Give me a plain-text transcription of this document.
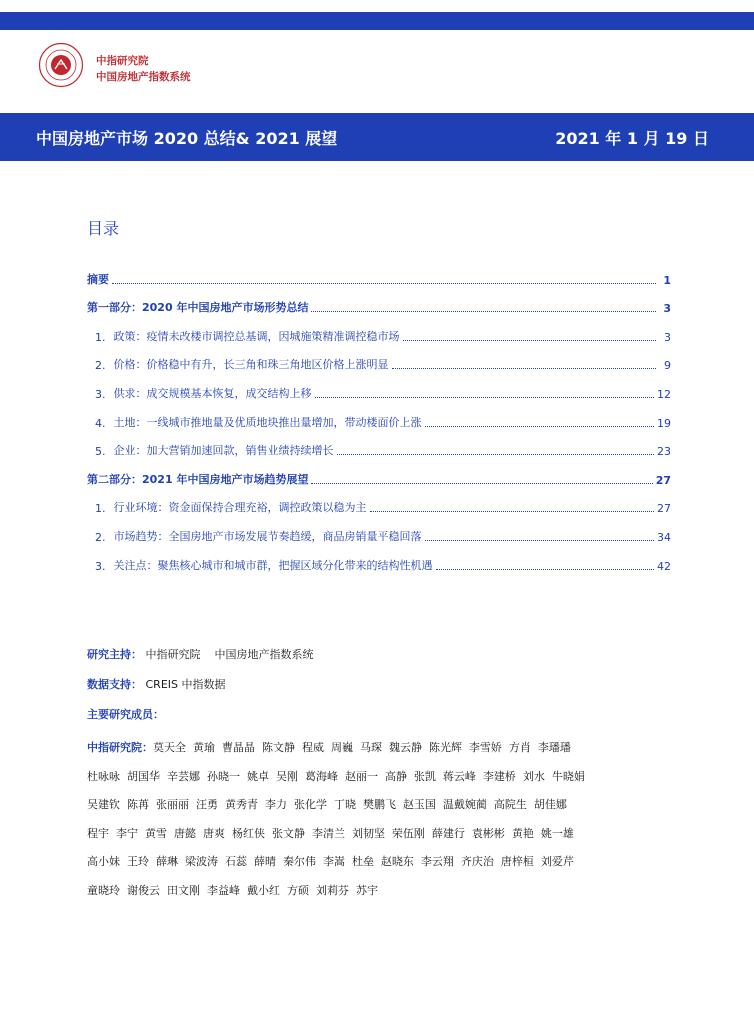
中指研究院
中国房地产指数系统
中国房地产市场 2020 总结& 2021 展望	2021 年 1 月 19 日
目录
摘要	1
第一部分：2020 年中国房地产市场形势总结	3
1. 政策：疫情未改楼市调控总基调，因城施策精准调控稳市场	3
2. 价格：价格稳中有升，长三角和珠三角地区价格上涨明显	9
3. 供求：成交规模基本恢复，成交结构上移	12
4. 土地：一线城市推地量及优质地块推出量增加，带动楼面价上涨	19
5. 企业：加大营销加速回款，销售业绩持续增长	23
第二部分：2021 年中国房地产市场趋势展望	27
1. 行业环境：资金面保持合理充裕，调控政策以稳为主	27
2. 市场趋势：全国房地产市场发展节奏趋缓，商品房销量平稳回落	34
3. 关注点：聚焦核心城市和城市群，把握区域分化带来的结构性机遇	42
研究主持： 中指研究院    中国房地产指数系统
数据支持： CREIS 中指数据
主要研究成员：
中指研究院：莫天全  黄瑜  曹晶晶  陈文静  程威  周巍  马琛  魏云静  陈光辉  李雪娇  方肖  李璠璠
杜咏咏  胡国华  辛芸娜  孙晓一  姚卓  吴刚  葛海峰  赵丽一  高静  张凯  蒋云峰  李建桥  刘水  牛晓娟
吴建钦  陈苒  张丽丽  汪勇  黄秀青  李力  张化学  丁晓  樊鹏飞  赵玉国  温戴婉蔺  高院生  胡佳娜
程宇  李宁  黄雪  唐懿  唐爽  杨红侠  张文静  李清兰  刘韧坚  荣伍刚  薛建行  袁彬彬  黄艳  姚一雄
高小妹  王玲  薛琳  梁波涛  石蕊  薛晴  秦尔伟  李嵩  杜垒  赵晓东  李云翔  齐庆治  唐梓桓  刘爱芹
童晓玲  谢俊云  田文刚  李益峰  戴小红  方硕  刘莉芬  苏宇
